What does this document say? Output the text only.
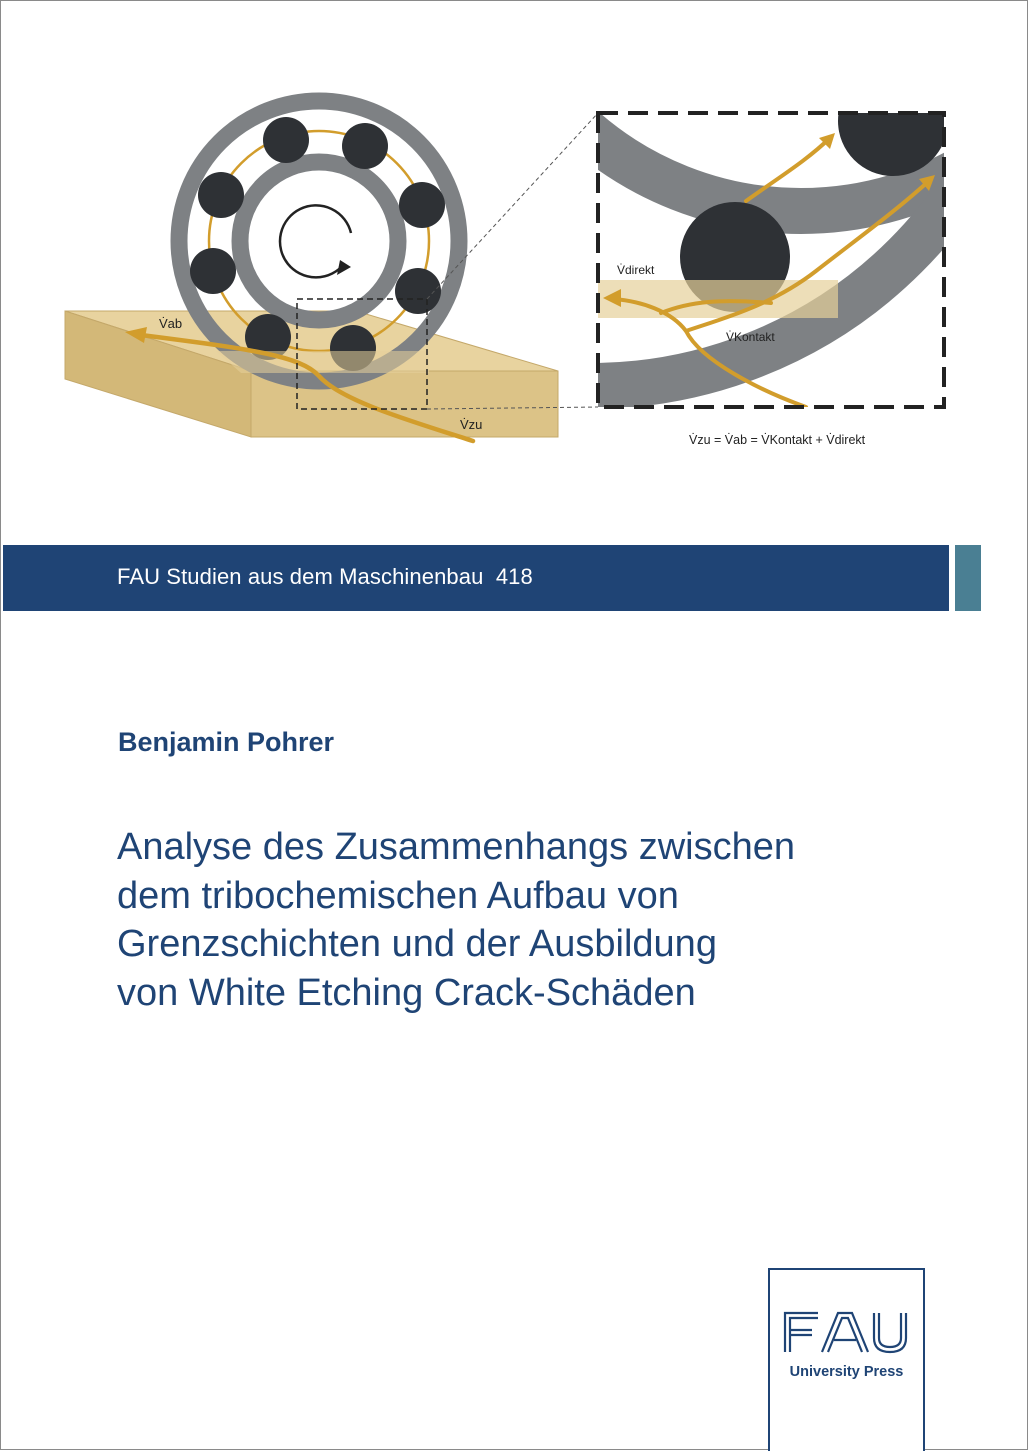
V̇ab
V̇zu
V̇direkt
V̇Kontakt
V̇zu = V̇ab = V̇Kontakt + V̇direkt
FAU Studien aus dem Maschinenbau  418
Benjamin Pohrer
Analyse des Zusammenhangs zwischen
dem tribochemischen Aufbau von
Grenzschichten und der Ausbildung
von White Etching Crack-Schäden
University Press
